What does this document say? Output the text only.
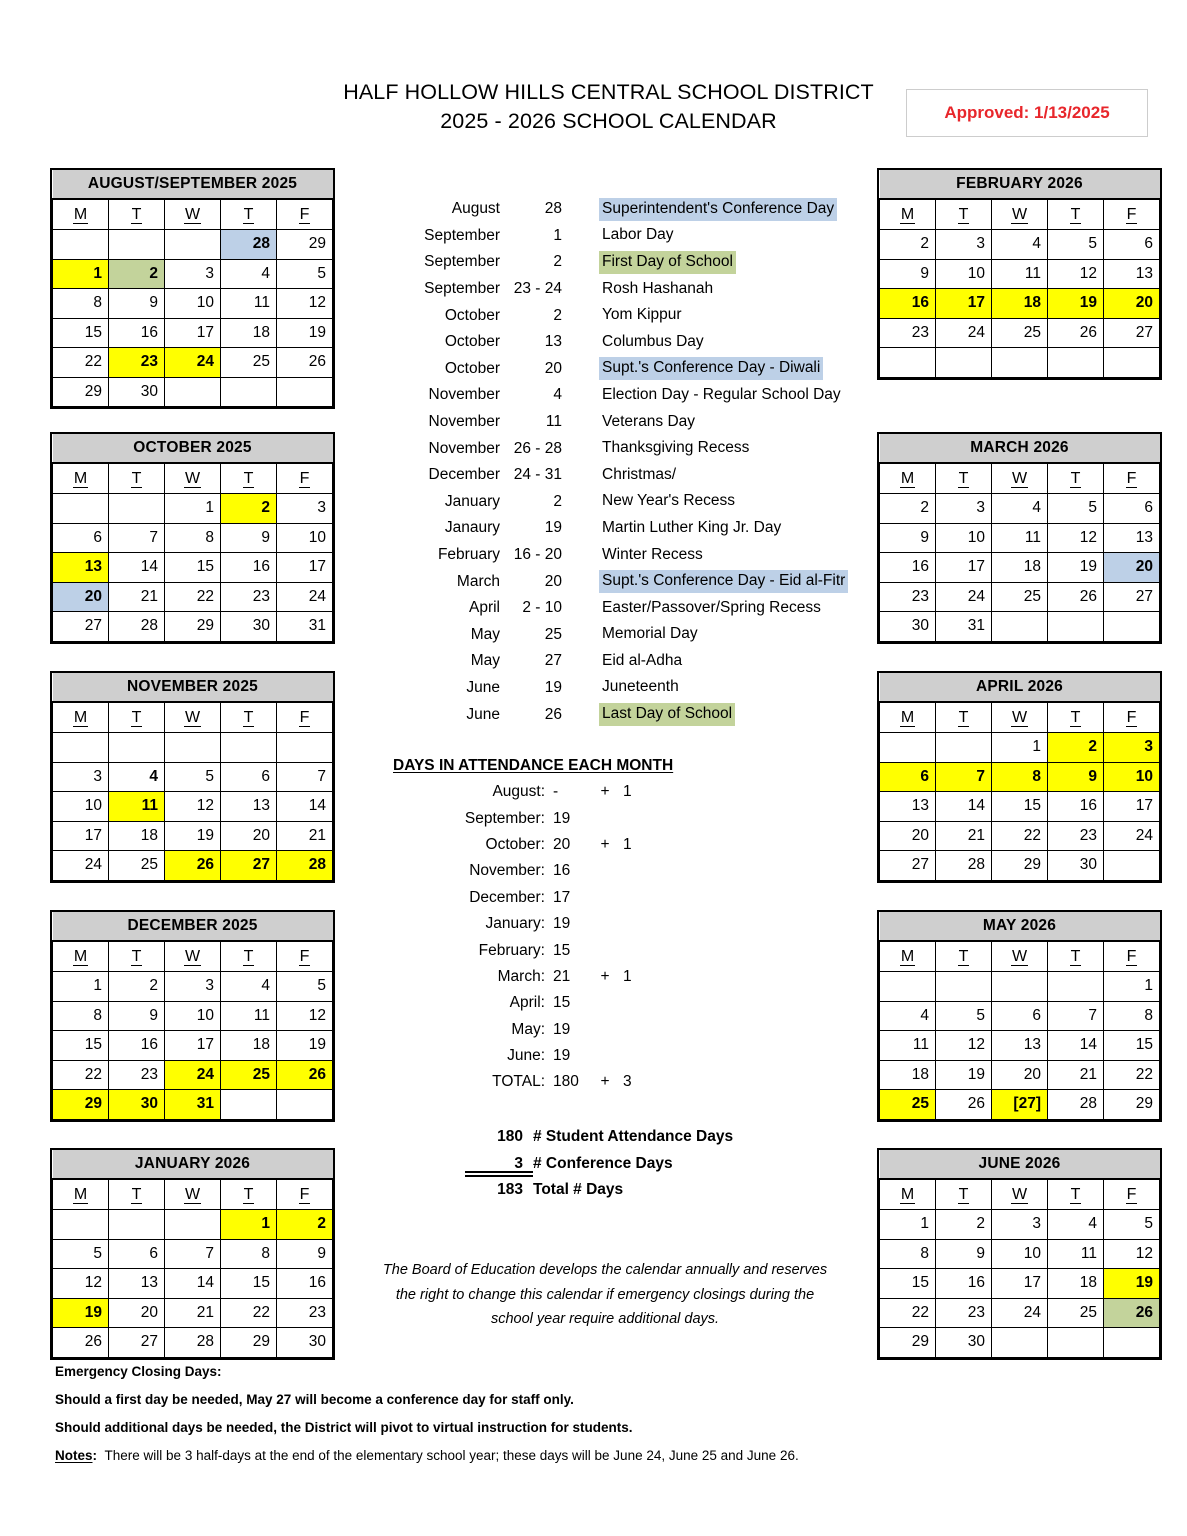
HALF HOLLOW HILLS CENTRAL SCHOOL DISTRICT
2025 - 2026 SCHOOL CALENDAR	Approved: 1/13/2025
AUGUST/SEPTEMBER 2025				
M	T	W	T	F
			28	29
1	2	3	4	5
8	9	10	11	12
15	16	17	18	19
22	23	24	25	26
29	30			
OCTOBER 2025				
M	T	W	T	F
		1	2	3
6	7	8	9	10
13	14	15	16	17
20	21	22	23	24
27	28	29	30	31
NOVEMBER 2025				
M	T	W	T	F

3	4	5	6	7
10	11	12	13	14
17	18	19	20	21
24	25	26	27	28
DECEMBER 2025				
M	T	W	T	F
1	2	3	4	5
8	9	10	11	12
15	16	17	18	19
22	23	24	25	26
29	30	31		
JANUARY 2026				
M	T	W	T	F
			1	2
5	6	7	8	9
12	13	14	15	16
19	20	21	22	23
26	27	28	29	30
FEBRUARY 2026				
M	T	W	T	F
2	3	4	5	6
9	10	11	12	13
16	17	18	19	20
23	24	25	26	27

MARCH 2026				
M	T	W	T	F
2	3	4	5	6
9	10	11	12	13
16	17	18	19	20
23	24	25	26	27
30	31			
APRIL 2026				
M	T	W	T	F
		1	2	3
6	7	8	9	10
13	14	15	16	17
20	21	22	23	24
27	28	29	30	
MAY 2026				
M	T	W	T	F
				1
4	5	6	7	8
11	12	13	14	15
18	19	20	21	22
25	26	[27]	28	29
JUNE 2026				
M	T	W	T	F
1	2	3	4	5
8	9	10	11	12
15	16	17	18	19
22	23	24	25	26
29	30			
August	28	Superintendent's Conference Day
September	1	Labor Day
September	2	First Day of School
September 23 - 24	Rosh Hashanah
October	2	Yom Kippur
October	13	Columbus Day
October	20	Supt.'s Conference Day - Diwali
November	4	Election Day - Regular School Day
November	11	Veterans Day
November 26 - 28	Thanksgiving Recess
December 24 - 31	Christmas/
January	2	New Year's Recess
Janaury	19	Martin Luther King Jr. Day
February 16 - 20	Winter Recess
March	20	Supt.'s Conference Day - Eid al-Fitr
April	2 - 10	Easter/Passover/Spring Recess
May	25	Memorial Day
May	27	Eid al-Adha
June	19	Juneteenth
June	26	Last Day of School
DAYS IN ATTENDANCE EACH MONTH
August: -	+ 1
September: 19
October: 20	+ 1
November: 16
December: 17
January: 19
February: 15
March: 21	+ 1
April: 15
May: 19
June: 19
TOTAL: 180	+ 3
180 # Student Attendance Days
3 # Conference Days
183 Total # Days
The Board of Education develops the calendar annually and reserves
the right to change this calendar if emergency closings during the
school year require additional days.
Emergency Closing Days:
Should a first day be needed, May 27 will become a conference day for staff only.
Should additional days be needed, the District will pivot to virtual instruction for students.
Notes: There will be 3 half-days at the end of the elementary school year; these days will be June 24, June 25 and June 26.
